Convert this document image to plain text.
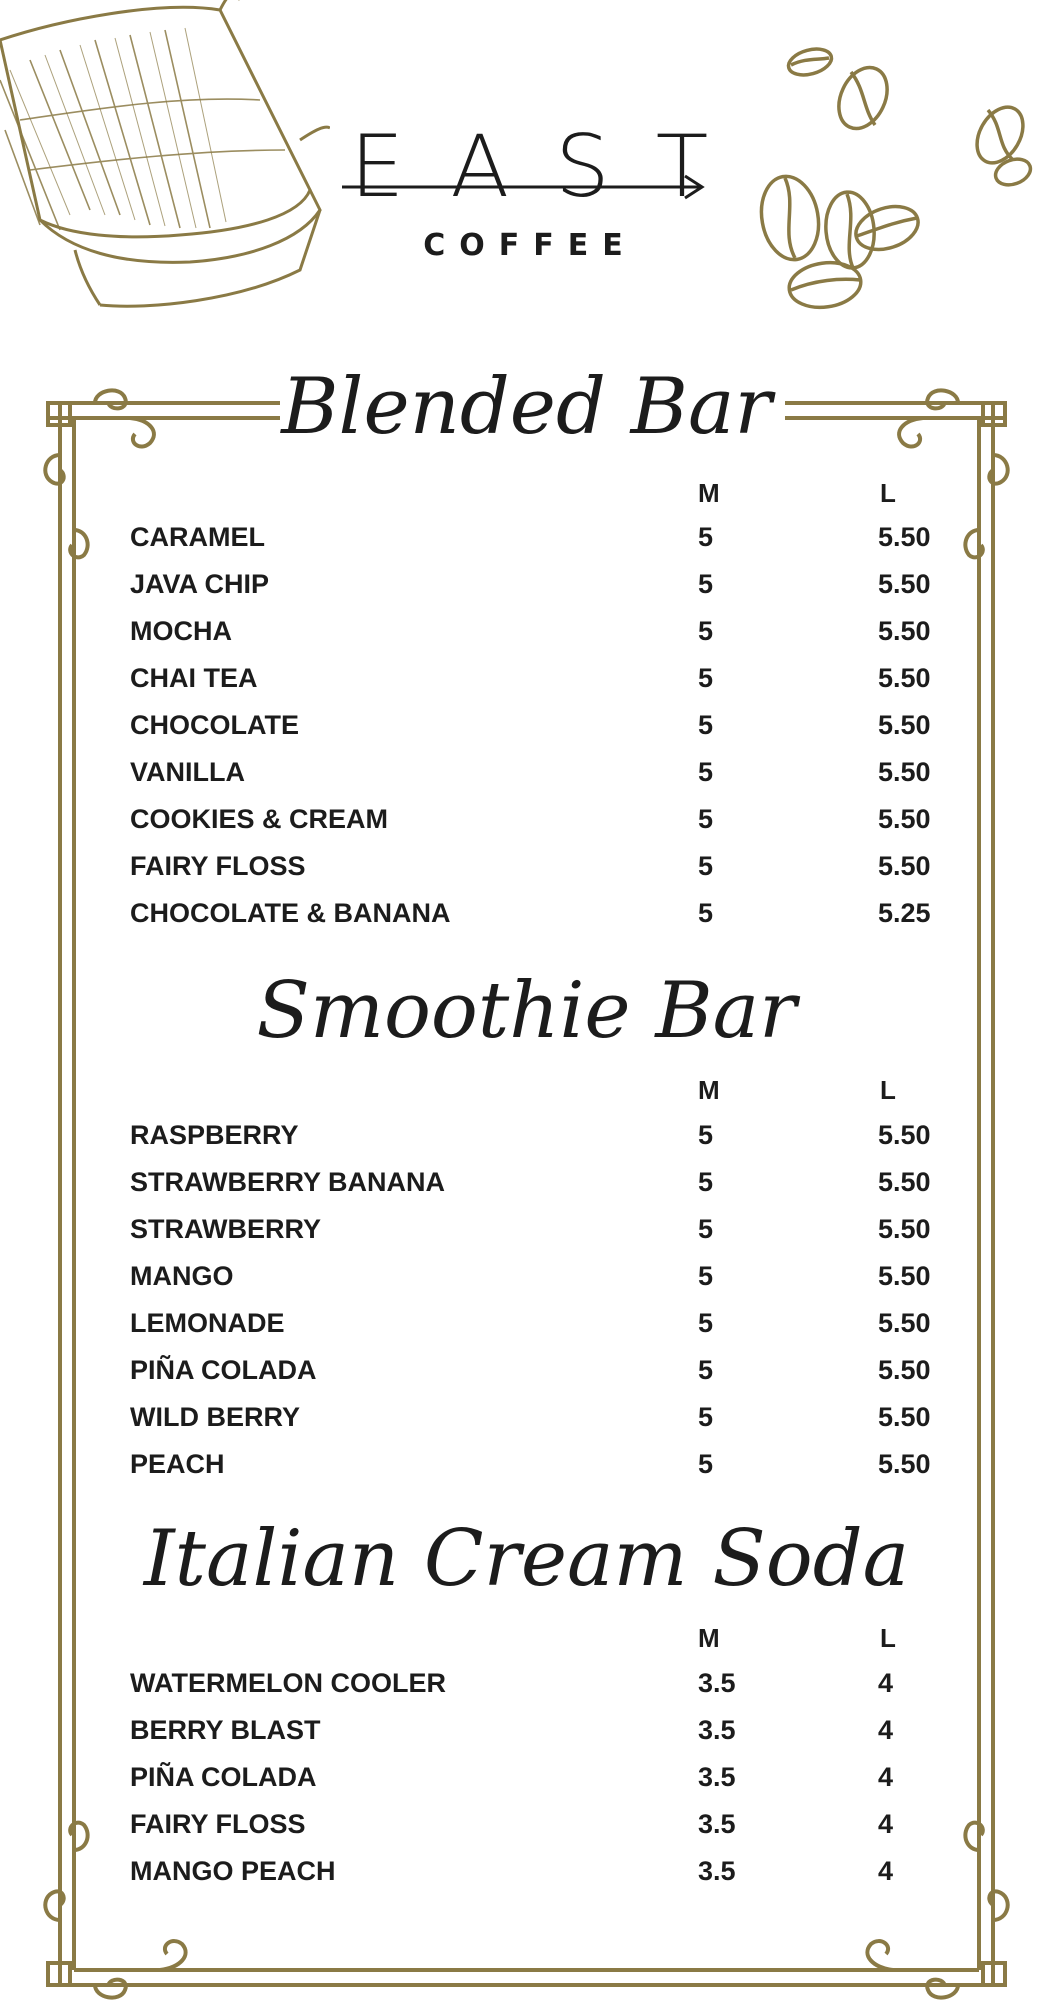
EAST
COFFEE
Blended Bar
M	L
CARAMEL	5	5.50
JAVA CHIP	5	5.50
MOCHA	5	5.50
CHAI TEA	5	5.50
CHOCOLATE	5	5.50
VANILLA	5	5.50
COOKIES & CREAM	5	5.50
FAIRY FLOSS	5	5.50
CHOCOLATE & BANANA	5	5.25
Smoothie Bar
M	L
RASPBERRY	5	5.50
STRAWBERRY BANANA	5	5.50
STRAWBERRY	5	5.50
MANGO	5	5.50
LEMONADE	5	5.50
PIÑA COLADA	5	5.50
WILD BERRY	5	5.50
PEACH	5	5.50
Italian Cream Soda
M	L
WATERMELON COOLER	3.5	4
BERRY BLAST	3.5	4
PIÑA COLADA	3.5	4
FAIRY FLOSS	3.5	4
MANGO PEACH	3.5	4
